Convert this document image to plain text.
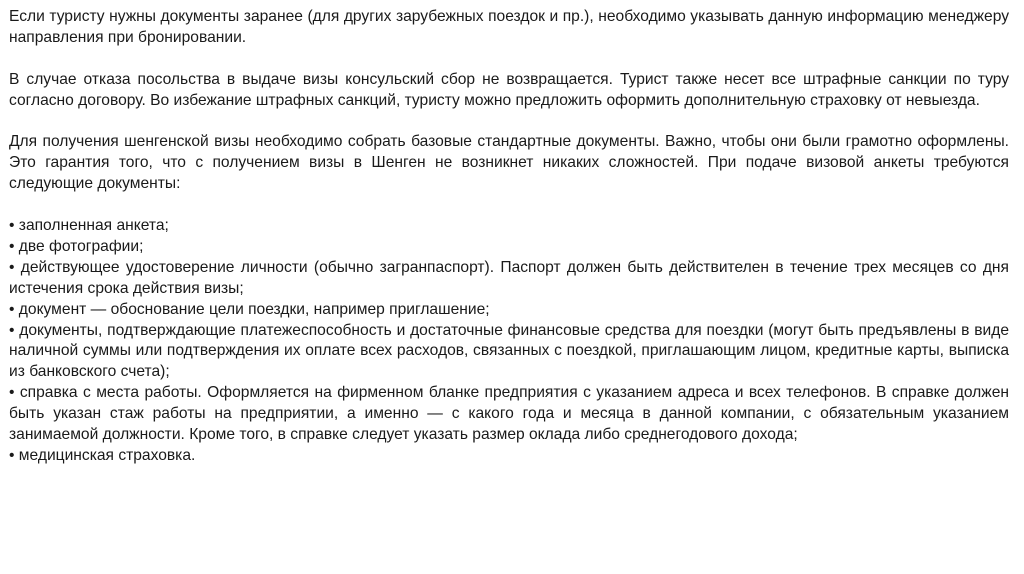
Если туристу нужны документы заранее (для других зарубежных поездок и пр.), необходимо указывать данную информацию менеджеру направления при бронировании.

В случае отказа посольства в выдаче визы консульский сбор не возвращается. Турист также несет все штрафные санкции по туру согласно договору. Во избежание штрафных санкций, туристу можно предложить оформить дополнительную страховку от невыезда.

Для получения шенгенской визы необходимо собрать базовые стандартные документы. Важно, чтобы они были грамотно оформлены. Это гарантия того, что с получением визы в Шенген не возникнет никаких сложностей. При подаче визовой анкеты требуются следующие документы:

• заполненная анкета;
• две фотографии;
• действующее удостоверение личности (обычно загранпаспорт). Паспорт должен быть действителен в течение трех месяцев со дня истечения срока действия визы;
• документ — обоснование цели поездки, например приглашение;
• документы, подтверждающие платежеспособность и достаточные финансовые средства для поездки (могут быть предъявлены в виде наличной суммы или подтверждения их оплате всех расходов, связанных с поездкой, приглашающим лицом, кредитные карты, выписка из банковского счета);
• справка с места работы. Оформляется на фирменном бланке предприятия с указанием адреса и всех телефонов. В справке должен быть указан стаж работы на предприятии, а именно — с какого года и месяца в данной компании, с обязательным указанием занимаемой должности. Кроме того, в справке следует указать размер оклада либо среднегодового дохода;
• медицинская страховка.
